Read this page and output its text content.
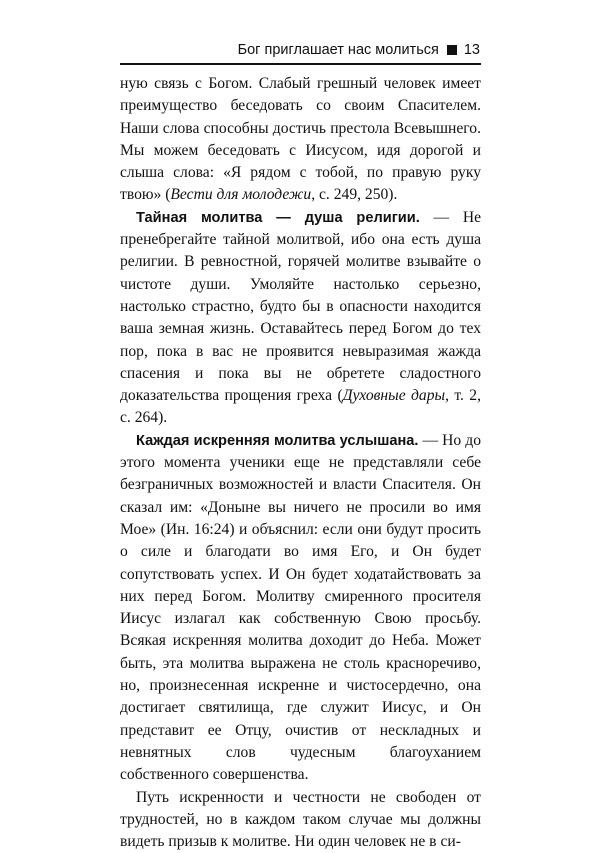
Бог приглашает нас молиться 13

ную связь с Богом. Слабый грешный человек имеет преимущество беседовать со своим Спасителем. Наши слова способны достичь престола Всевышнего. Мы можем беседовать с Иисусом, идя дорогой и слыша слова: «Я рядом с тобой, по правую руку твою» (Вести для молодежи, с. 249, 250).

Тайная молитва — душа религии. — Не пренебрегайте тайной молитвой, ибо она есть душа религии. В ревностной, горячей молитве взывайте о чистоте души. Умоляйте настолько серьезно, настолько страстно, будто бы в опасности находится ваша земная жизнь. Оставайтесь перед Богом до тех пор, пока в вас не проявится невыразимая жажда спасения и пока вы не обретете сладостного доказательства прощения греха (Духовные дары, т. 2, с. 264).

Каждая искренняя молитва услышана. — Но до этого момента ученики еще не представляли себе безграничных возможностей и власти Спасителя. Он сказал им: «Доныне вы ничего не просили во имя Мое» (Ин. 16:24) и объяснил: если они будут просить о силе и благодати во имя Его, и Он будет сопутствовать успех. И Он будет ходатайствовать за них перед Богом. Молитву смиренного просителя Иисус излагал как собственную Свою просьбу. Всякая искренняя молитва доходит до Неба. Может быть, эта молитва выражена не столь красноречиво, но, произнесенная искренне и чистосердечно, она достигает святилища, где служит Иисус, и Он представит ее Отцу, очистив от нескладных и невнятных слов чудесным благоуханием собственного совершенства.

Путь искренности и честности не свободен от трудностей, но в каждом таком случае мы должны видеть призыв к молитве. Ни один человек не в си-
